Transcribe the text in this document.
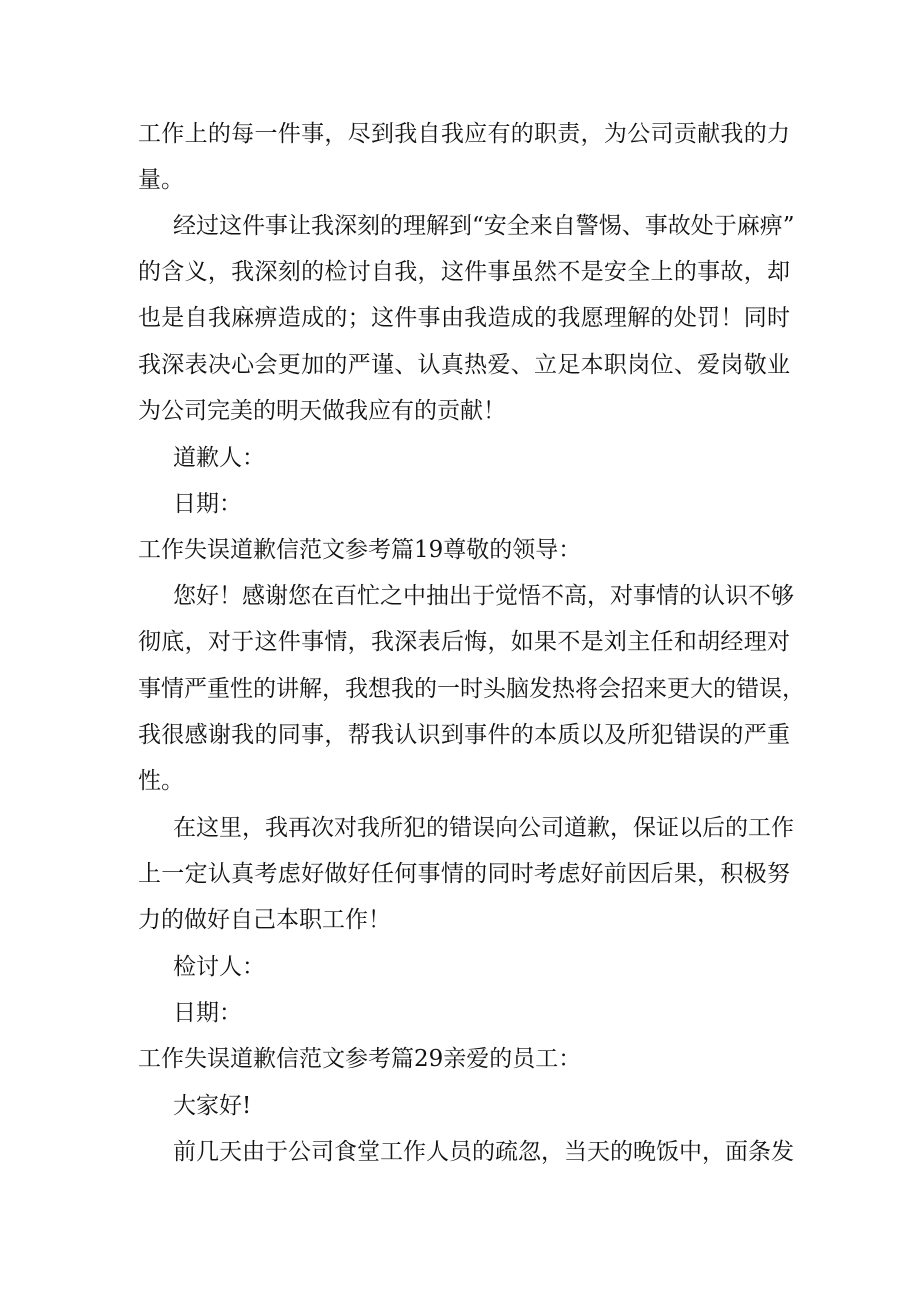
工作上的每一件事，尽到我自我应有的职责，为公司贡献我的力
量。
经过这件事让我深刻的理解到“安全来自警惕、事故处于麻痹”
的含义，我深刻的检讨自我，这件事虽然不是安全上的事故，却
也是自我麻痹造成的；这件事由我造成的我愿理解的处罚！同时
我深表决心会更加的严谨、认真热爱、立足本职岗位、爱岗敬业
为公司完美的明天做我应有的贡献！
道歉人：
日期：
工作失误道歉信范文参考篇19尊敬的领导：
您好！感谢您在百忙之中抽出于觉悟不高，对事情的认识不够
彻底，对于这件事情，我深表后悔，如果不是刘主任和胡经理对
事情严重性的讲解，我想我的一时头脑发热将会招来更大的错误，
我很感谢我的同事，帮我认识到事件的本质以及所犯错误的严重
性。
在这里，我再次对我所犯的错误向公司道歉，保证以后的工作
上一定认真考虑好做好任何事情的同时考虑好前因后果，积极努
力的做好自己本职工作！
检讨人：
日期：
工作失误道歉信范文参考篇29亲爱的员工：
大家好!
前几天由于公司食堂工作人员的疏忽，当天的晚饭中，面条发
